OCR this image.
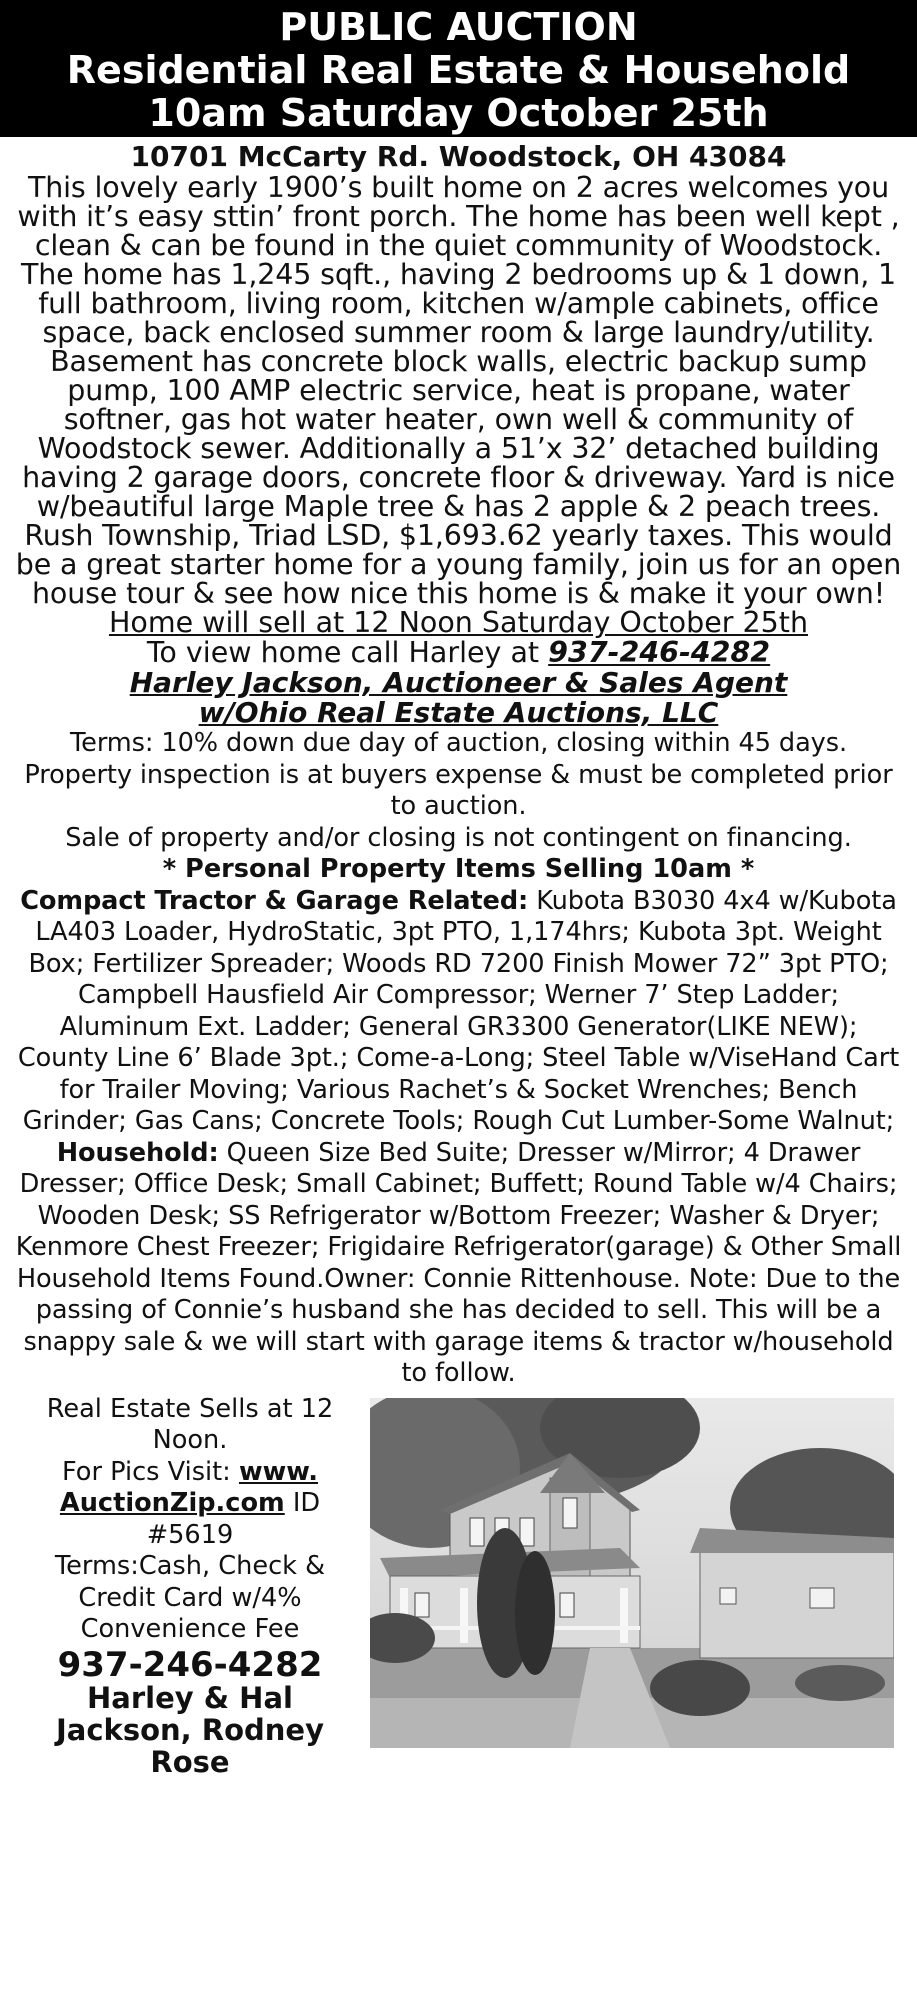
PUBLIC AUCTION
Residential Real Estate & Household
10am Saturday October 25th
10701 McCarty Rd. Woodstock, OH 43084
This lovely early 1900’s built home on 2 acres welcomes you with it’s easy sttin’ front porch. The home has been well kept , clean & can be found in the quiet community of Woodstock. The home has 1,245 sqft., having 2 bedrooms up & 1 down, 1 full bathroom, living room, kitchen w/ample cabinets, office space, back enclosed summer room & large laundry/utility. Basement has concrete block walls, electric backup sump pump, 100 AMP electric service, heat is propane, water softner, gas hot water heater, own well & community of Woodstock sewer. Additionally a 51’x 32’ detached building having 2 garage doors, concrete floor & driveway. Yard is nice w/beautiful large Maple tree & has 2 apple & 2 peach trees. Rush Township, Triad LSD, $1,693.62 yearly taxes. This would be a great starter home for a young family, join us for an open house tour & see how nice this home is & make it your own!
Home will sell at 12 Noon Saturday October 25th
To view home call Harley at 937-246-4282
Harley Jackson, Auctioneer & Sales Agent
w/Ohio Real Estate Auctions, LLC
Terms: 10% down due day of auction, closing within 45 days. Property inspection is at buyers expense & must be completed prior to auction.
Sale of property and/or closing is not contingent on financing.
* Personal Property Items Selling 10am *
Compact Tractor & Garage Related: Kubota B3030 4x4 w/Kubota LA403 Loader, HydroStatic, 3pt PTO, 1,174hrs; Kubota 3pt. Weight Box; Fertilizer Spreader; Woods RD 7200 Finish Mower 72” 3pt PTO; Campbell Hausfield Air Compressor; Werner 7’ Step Ladder; Aluminum Ext. Ladder; General GR3300 Generator(LIKE NEW); County Line 6’ Blade 3pt.; Come-a-Long; Steel Table w/ViseHand Cart for Trailer Moving; Various Rachet’s & Socket Wrenches; Bench Grinder; Gas Cans; Concrete Tools; Rough Cut Lumber-Some Walnut; Household: Queen Size Bed Suite; Dresser w/Mirror; 4 Drawer Dresser; Office Desk; Small Cabinet; Buffett; Round Table w/4 Chairs; Wooden Desk; SS Refrigerator w/Bottom Freezer; Washer & Dryer; Kenmore Chest Freezer; Frigidaire Refrigerator(garage) & Other Small Household Items Found.Owner: Connie Rittenhouse. Note: Due to the passing of Connie’s husband she has decided to sell. This will be a snappy sale & we will start with garage items & tractor w/household to follow.
Real Estate Sells at 12 Noon.
For Pics Visit: www. AuctionZip.com ID #5619
Terms:Cash, Check & Credit Card w/4% Convenience Fee
937-246-4282
Harley & Hal Jackson, Rodney Rose
